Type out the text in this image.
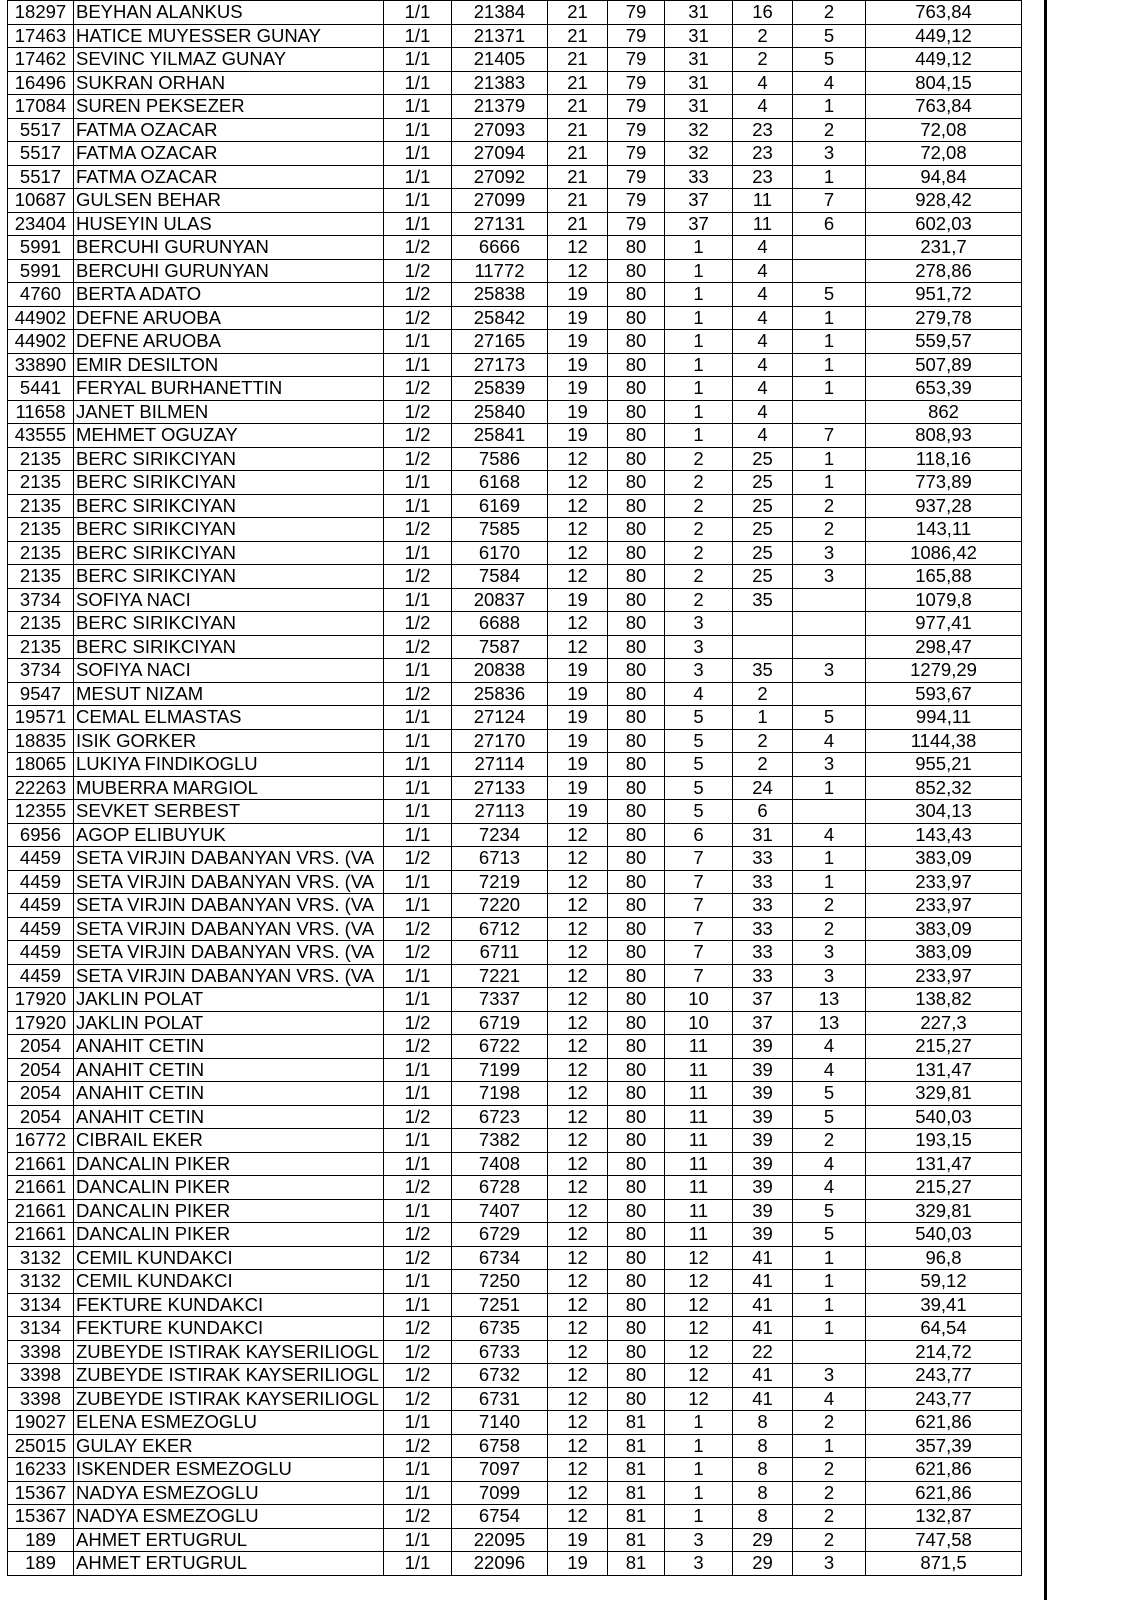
18297	BEYHAN ALANKUS	1/1	21384	21	79	31	16	2	763,84
17463	HATICE MUYESSER GUNAY	1/1	21371	21	79	31	2	5	449,12
17462	SEVINC YILMAZ GUNAY	1/1	21405	21	79	31	2	5	449,12
16496	SUKRAN ORHAN	1/1	21383	21	79	31	4	4	804,15
17084	SUREN PEKSEZER	1/1	21379	21	79	31	4	1	763,84
5517	FATMA OZACAR	1/1	27093	21	79	32	23	2	72,08
5517	FATMA OZACAR	1/1	27094	21	79	32	23	3	72,08
5517	FATMA OZACAR	1/1	27092	21	79	33	23	1	94,84
10687	GULSEN BEHAR	1/1	27099	21	79	37	11	7	928,42
23404	HUSEYIN ULAS	1/1	27131	21	79	37	11	6	602,03
5991	BERCUHI GURUNYAN	1/2	6666	12	80	1	4		231,7
5991	BERCUHI GURUNYAN	1/2	11772	12	80	1	4		278,86
4760	BERTA ADATO	1/2	25838	19	80	1	4	5	951,72
44902	DEFNE ARUOBA	1/2	25842	19	80	1	4	1	279,78
44902	DEFNE ARUOBA	1/1	27165	19	80	1	4	1	559,57
33890	EMIR DESILTON	1/1	27173	19	80	1	4	1	507,89
5441	FERYAL BURHANETTIN	1/2	25839	19	80	1	4	1	653,39
11658	JANET BILMEN	1/2	25840	19	80	1	4		862
43555	MEHMET OGUZAY	1/2	25841	19	80	1	4	7	808,93
2135	BERC SIRIKCIYAN	1/2	7586	12	80	2	25	1	118,16
2135	BERC SIRIKCIYAN	1/1	6168	12	80	2	25	1	773,89
2135	BERC SIRIKCIYAN	1/1	6169	12	80	2	25	2	937,28
2135	BERC SIRIKCIYAN	1/2	7585	12	80	2	25	2	143,11
2135	BERC SIRIKCIYAN	1/1	6170	12	80	2	25	3	1086,42
2135	BERC SIRIKCIYAN	1/2	7584	12	80	2	25	3	165,88
3734	SOFIYA NACI	1/1	20837	19	80	2	35		1079,8
2135	BERC SIRIKCIYAN	1/2	6688	12	80	3			977,41
2135	BERC SIRIKCIYAN	1/2	7587	12	80	3			298,47
3734	SOFIYA NACI	1/1	20838	19	80	3	35	3	1279,29
9547	MESUT NIZAM	1/2	25836	19	80	4	2		593,67
19571	CEMAL ELMASTAS	1/1	27124	19	80	5	1	5	994,11
18835	ISIK GORKER	1/1	27170	19	80	5	2	4	1144,38
18065	LUKIYA FINDIKOGLU	1/1	27114	19	80	5	2	3	955,21
22263	MUBERRA MARGIOL	1/1	27133	19	80	5	24	1	852,32
12355	SEVKET SERBEST	1/1	27113	19	80	5	6		304,13
6956	AGOP ELIBUYUK	1/1	7234	12	80	6	31	4	143,43
4459	SETA VIRJIN DABANYAN VRS. (VA	1/2	6713	12	80	7	33	1	383,09
4459	SETA VIRJIN DABANYAN VRS. (VA	1/1	7219	12	80	7	33	1	233,97
4459	SETA VIRJIN DABANYAN VRS. (VA	1/1	7220	12	80	7	33	2	233,97
4459	SETA VIRJIN DABANYAN VRS. (VA	1/2	6712	12	80	7	33	2	383,09
4459	SETA VIRJIN DABANYAN VRS. (VA	1/2	6711	12	80	7	33	3	383,09
4459	SETA VIRJIN DABANYAN VRS. (VA	1/1	7221	12	80	7	33	3	233,97
17920	JAKLIN POLAT	1/1	7337	12	80	10	37	13	138,82
17920	JAKLIN POLAT	1/2	6719	12	80	10	37	13	227,3
2054	ANAHIT CETIN	1/2	6722	12	80	11	39	4	215,27
2054	ANAHIT CETIN	1/1	7199	12	80	11	39	4	131,47
2054	ANAHIT CETIN	1/1	7198	12	80	11	39	5	329,81
2054	ANAHIT CETIN	1/2	6723	12	80	11	39	5	540,03
16772	CIBRAIL EKER	1/1	7382	12	80	11	39	2	193,15
21661	DANCALIN PIKER	1/1	7408	12	80	11	39	4	131,47
21661	DANCALIN PIKER	1/2	6728	12	80	11	39	4	215,27
21661	DANCALIN PIKER	1/1	7407	12	80	11	39	5	329,81
21661	DANCALIN PIKER	1/2	6729	12	80	11	39	5	540,03
3132	CEMIL KUNDAKCI	1/2	6734	12	80	12	41	1	96,8
3132	CEMIL KUNDAKCI	1/1	7250	12	80	12	41	1	59,12
3134	FEKTURE KUNDAKCI	1/1	7251	12	80	12	41	1	39,41
3134	FEKTURE KUNDAKCI	1/2	6735	12	80	12	41	1	64,54
3398	ZUBEYDE ISTIRAK KAYSERILIOGL	1/2	6733	12	80	12	22		214,72
3398	ZUBEYDE ISTIRAK KAYSERILIOGL	1/2	6732	12	80	12	41	3	243,77
3398	ZUBEYDE ISTIRAK KAYSERILIOGL	1/2	6731	12	80	12	41	4	243,77
19027	ELENA ESMEZOGLU	1/1	7140	12	81	1	8	2	621,86
25015	GULAY EKER	1/2	6758	12	81	1	8	1	357,39
16233	ISKENDER ESMEZOGLU	1/1	7097	12	81	1	8	2	621,86
15367	NADYA ESMEZOGLU	1/1	7099	12	81	1	8	2	621,86
15367	NADYA ESMEZOGLU	1/2	6754	12	81	1	8	2	132,87
189	AHMET ERTUGRUL	1/1	22095	19	81	3	29	2	747,58
189	AHMET ERTUGRUL	1/1	22096	19	81	3	29	3	871,5
